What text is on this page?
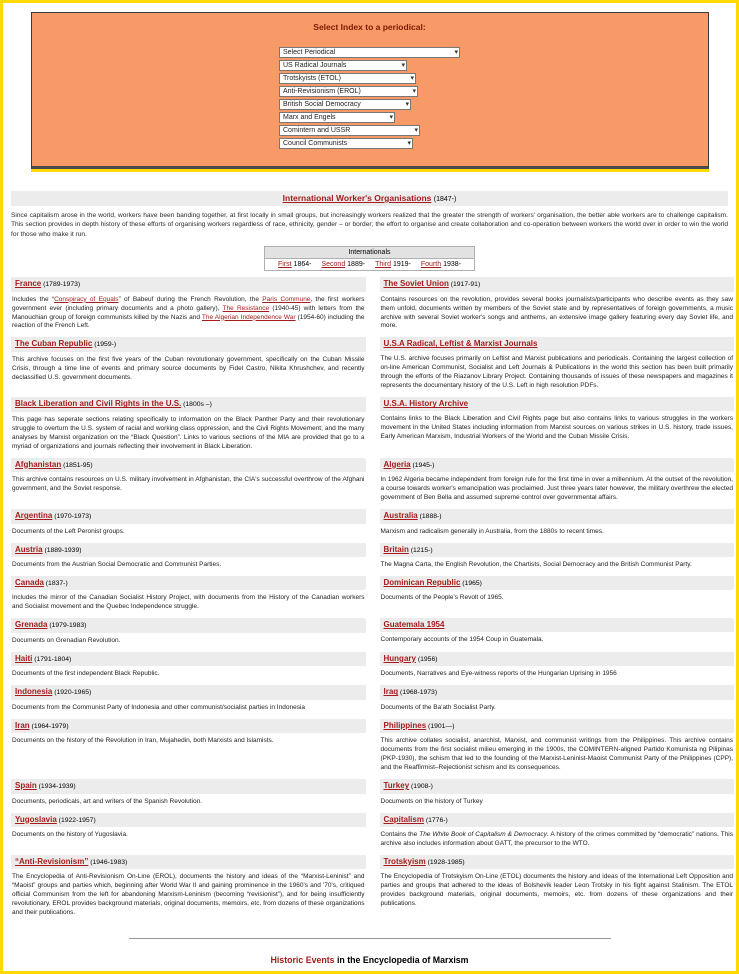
Select Index to a periodical:
Select Periodical	▾
US Radical Journals	▾
Trotskyists (ETOL)	▾
Anti-Revisionism (EROL)	▾
British Social Democracy	▾
Marx and Engels	▾
Comintern and USSR	▾
Council Communists	▾
International Worker's Organisations (1847-)

Since capitalism arose in the world, workers have been banding together, at first locally in small groups, but increasingly workers realized that the greater the strength of workers' organisation, the better able workers are to challenge capitalism. This section provides in depth history of these efforts of organising workers regardless of race, ethnicity, gender – or border; the effort to organise and create collaboration and co-operation between workers the world over in order to win the world for those who make it run.

Internationals
First 1864- Second 1889- Third 1919- Fourth 1938-
France (1789-1973)

Includes the “Conspiracy of Equals” of Babeuf during the French Revolution, the Paris Commune, the first workers government ever (including primary documents and a photo gallery), The Resistance (1940-45) with letters from the Manouchian group of foreign communists killed by the Nazis and The Algerian Independence War (1954-60) including the reaction of the French Left.

The Soviet Union (1917-91)

Contains resources on the revolution, provides several books journalists/participants who describe events as they saw them unfold, documents written by members of the Soviet state and by representatives of foreign governments, a music archive with several Soviet worker's songs and anthems, an extensive image gallery featuring every day Soviet life, and more.

The Cuban Republic (1959-)

This archive focuses on the first five years of the Cuban revolutionary government, specifically on the Cuban Missile Crisis, through a time line of events and primary source documents by Fidel Castro, Nikita Khrushchev, and recently declassified U.S. government documents.

U.S.A Radical, Leftist & Marxist Journals

The U.S. archive focuses primarily on Leftist and Marxist publications and periodicals. Containing the largest collection of on-line American Communist, Socialist and Left Journals & Publications in the world this section has been built primarily through the efforts of the Riazanov Library Project. Containing thousands of issues of these newspapers and magazines it represents the documentary history of the U.S. Left in high resolution PDFs.

Black Liberation and Civil Rights in the U.S. (1800s –)

This page has seperate sections relating specifically to information on the Black Panther Party and their revolutionary struggle to overturn the U.S. system of racial and working class oppression, and the Civil Rights Movement; and the many analyses by Marxist organization on the “Black Question”. Links to various sections of the MIA are provided that go to a myriad of organizations and journals reflecting their involvement in Black Liberation.

U.S.A. History Archive

Contains links to the Black Liberation and Civil Rights page but also contains links to various struggles in the workers movement in the United States including information from Marxist sources on various strikes in U.S. history, trade issues, Early American Marxism, Industrial Workers of the World and the Cuban Missile Crisis.

Afghanistan (1851-95)

This archive contains resources on U.S. military involvement in Afghanistan, the CIA's successful overthrow of the Afghani government, and the Soviet response.

Algeria (1945-)

In 1962 Algeria became independent from foreign rule for the first time in over a millennium. At the outset of the revolution, a course towards worker's emancipation was proclaimed. Just three years later however, the military overthrew the elected government of Ben Bella and assumed supreme control over governmental affairs.

Argentina (1970-1973)

Documents of the Left Peronist groups.

Australia (1888-)

Marxism and radicalism generally in Australia, from the 1880s to recent times.

Austria (1889-1939)

Documents from the Austrian Social Democratic and Communist Parties.

Britain (1215-)

The Magna Carta, the English Revolution, the Chartists, Social Democracy and the British Communist Party.

Canada (1837-)

Includes the mirror of the Canadian Socialist History Project, with documents from the History of the Canadian workers and Socialist movement and the Quebec Independence struggle.

Dominican Republic (1965)

Documents of the People's Revolt of 1965.

Grenada (1979-1983)

Documents on Grenadian Revolution.

Guatemala 1954

Contemporary accounts of the 1954 Coup in Guatemala.

Haiti (1791-1804)

Documents of the first independent Black Republic.

Hungary (1956)

Documents, Narratives and Eye-witness reports of the Hungarian Uprising in 1956

Indonesia (1920-1965)

Documents from the Communist Party of Indonesia and other communist/socialist parties in Indonesia

Iraq (1968-1973)

Documents of the Ba'ath Socialist Party.

Iran (1964-1979)

Documents on the history of the Revolution in Iran, Mujahedin, both Marxists and Islamists.

Philippines (1901—)

This archive collates socialist, anarchist, Marxist, and communist writings from the Philippines. This archive contains documents from the first socialist milieu emerging in the 1900s, the COMINTERN-aligned Partido Komunista ng Pilipinas (PKP-1930), the schism that led to the founding of the Marxist-Leninist-Maoist Communist Party of the Philippines (CPP), and the Reaffirmist–Rejectionist schism and its consequences.

Spain (1934-1939)

Documents, periodicals, art and writers of the Spanish Revolution.

Turkey (1908-)

Documents on the history of Turkey

Yugoslavia (1922-1957)

Documents on the history of Yugoslavia.

Capitalism (1776-)

Contains the The White Book of Capitalism & Democracy. A history of the crimes committed by “democratic” nations. This archive also includes information about GATT, the precursor to the WTO.

“Anti-Revisionism” (1946-1983)

The Encyclopedia of Anti-Revisionism On-Line (EROL), documents the history and ideas of the “Marxist-Leninist” and “Maoist” groups and parties which, beginning after World War II and gaining prominence in the 1960's and '70's, critiqued official Communism from the left for abandoning Marxism-Leninism (becoming “revisionist”), and for being insufficiently revolutionary. EROL provides background materials, original documents, memoirs, etc. from dozens of these organizations and their publications.

Trotskyism (1928-1985)

The Encyclopedia of Trotskyism On-Line (ETOL) documents the history and ideas of the International Left Opposition and parties and groups that adhered to the ideas of Bolshevik leader Leon Trotsky in his fight against Stalinism. The ETOL provides background materials, original documents, memoirs, etc. from dozens of these organizations and their publications.

Historic Events in the Encyclopedia of Marxism
